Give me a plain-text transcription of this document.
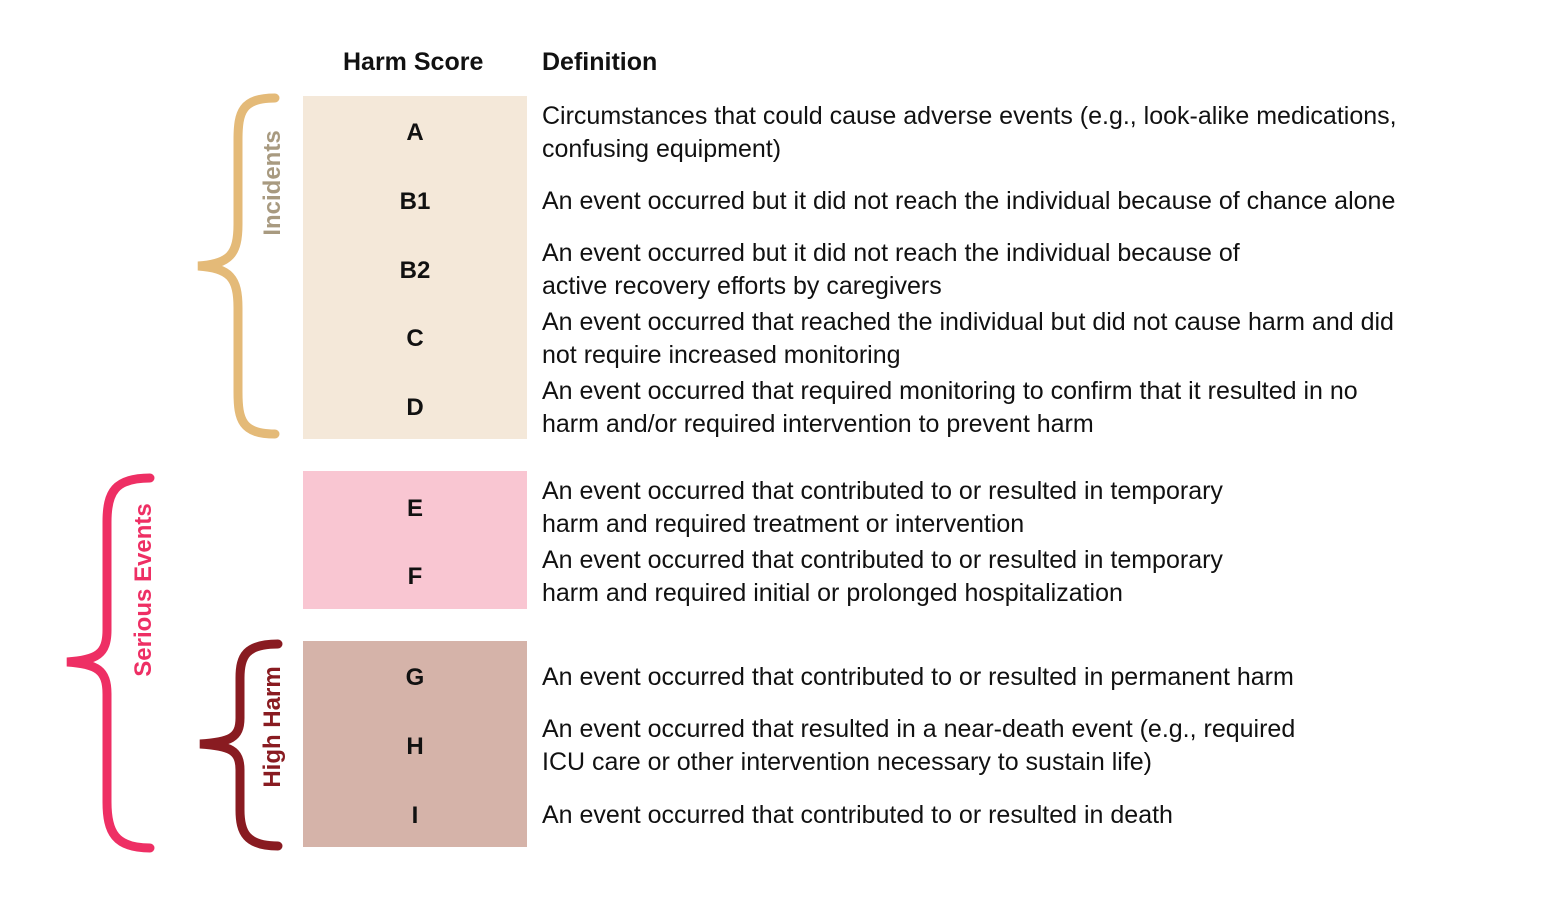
Harm Score Definition
Incidents
Serious Events
High Harm
A
B1
B2
C
D
E
F
G
H
I
Circumstances that could cause adverse events (e.g., look-alike medications,
confusing equipment)
An event occurred but it did not reach the individual because of chance alone
An event occurred but it did not reach the individual because of
active recovery efforts by caregivers
An event occurred that reached the individual but did not cause harm and did
not require increased monitoring
An event occurred that required monitoring to confirm that it resulted in no
harm and/or required intervention to prevent harm
An event occurred that contributed to or resulted in temporary
harm and required treatment or intervention
An event occurred that contributed to or resulted in temporary
harm and required initial or prolonged hospitalization
An event occurred that contributed to or resulted in permanent harm
An event occurred that resulted in a near-death event (e.g., required
ICU care or other intervention necessary to sustain life)
An event occurred that contributed to or resulted in death
